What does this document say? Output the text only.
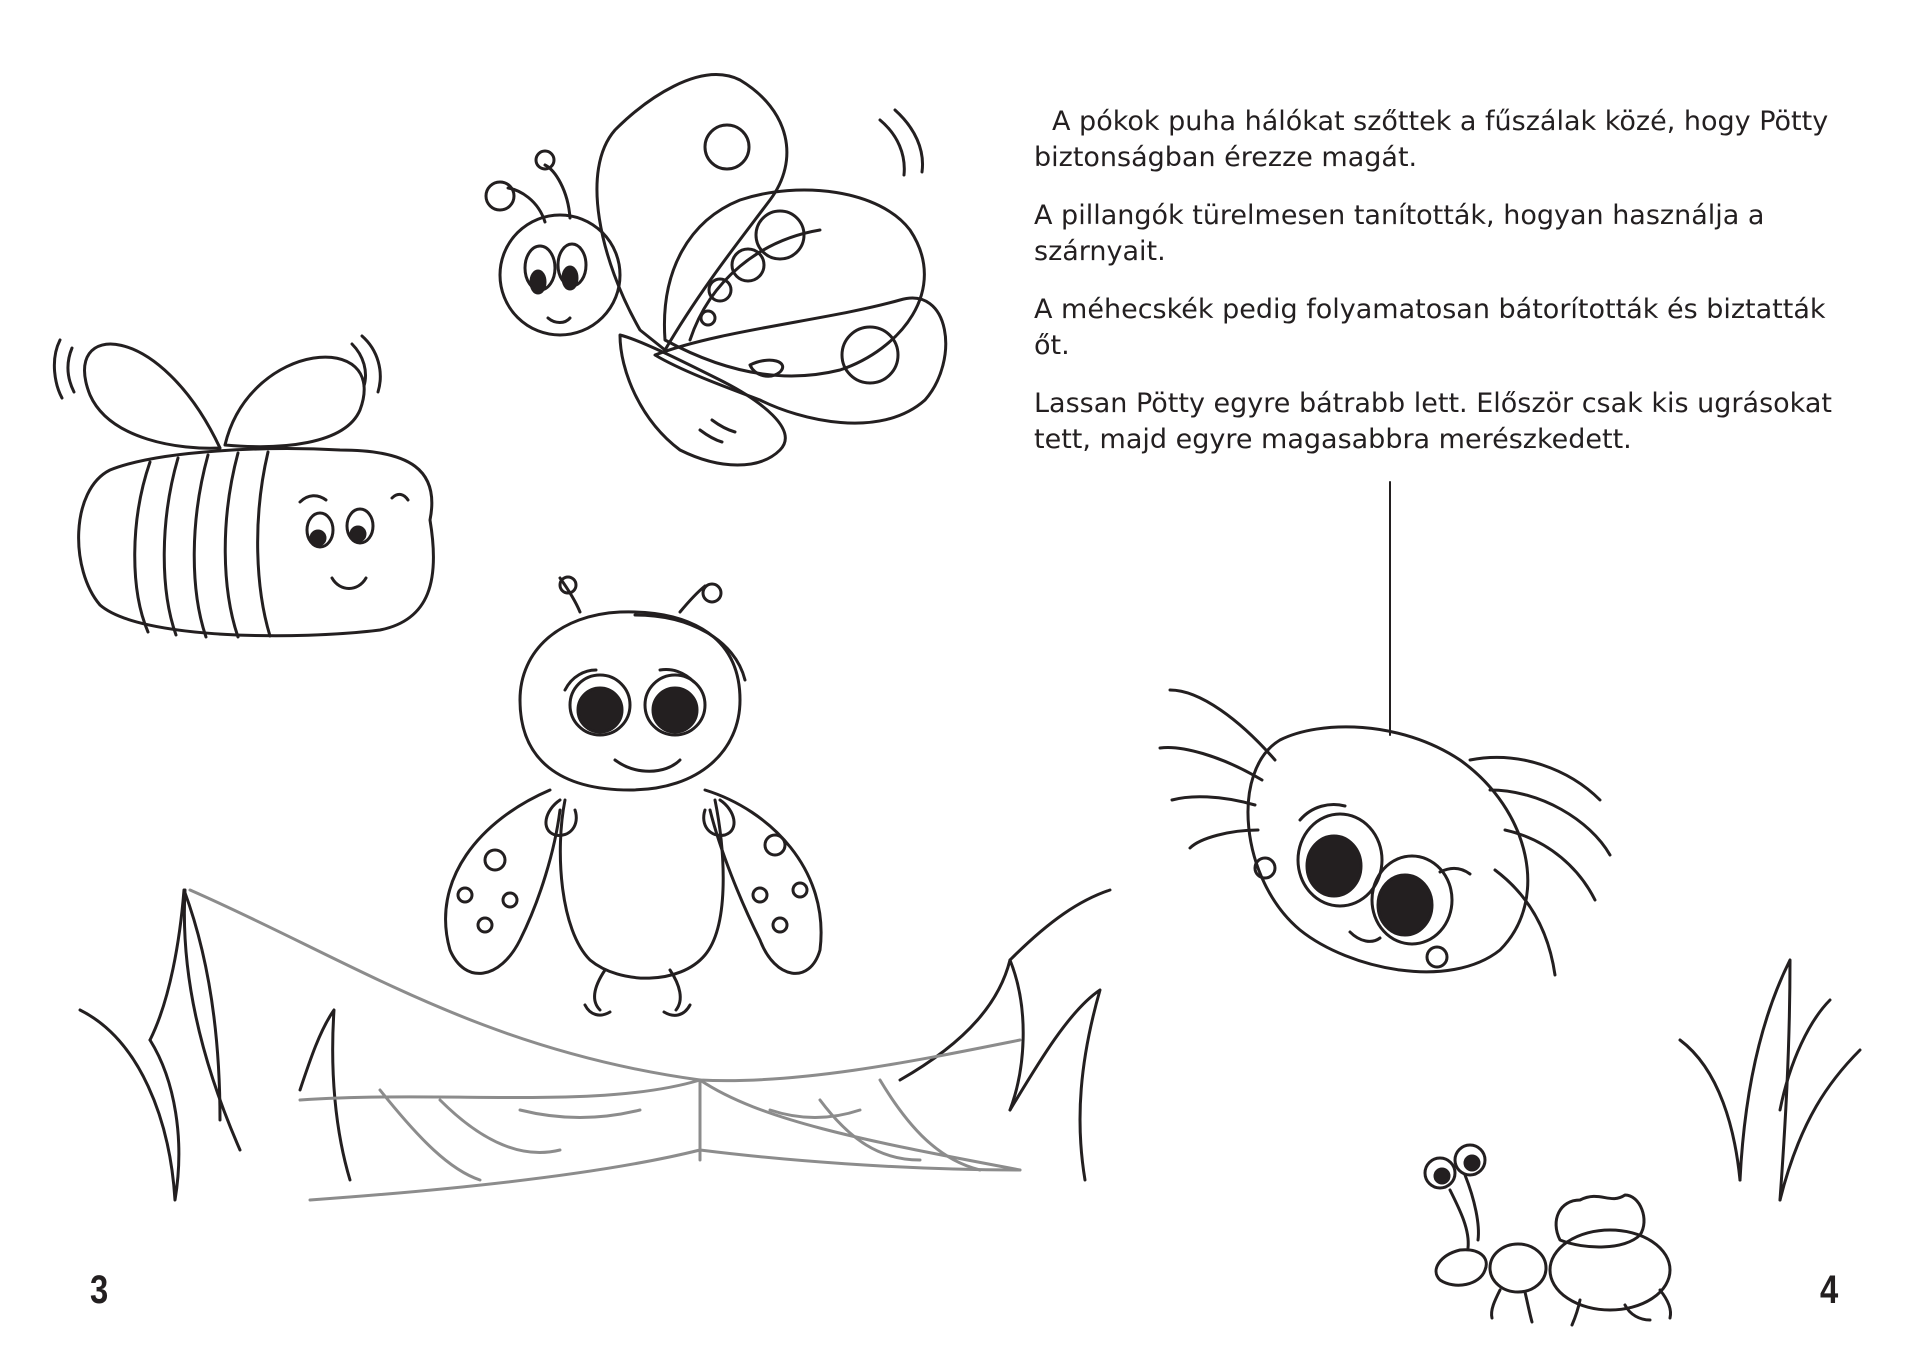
A pókok puha hálókat szőttek a fűszálak közé, hogy Pötty biztonságban érezze magát.

A pillangók türelmesen tanították, hogyan használja a szárnyait.

A méhecskék pedig folyamatosan bátorították és biztatták őt.

Lassan Pötty egyre bátrabb lett. Először csak kis ugrásokat tett, majd egyre magasabbra merészkedett.

3	4
